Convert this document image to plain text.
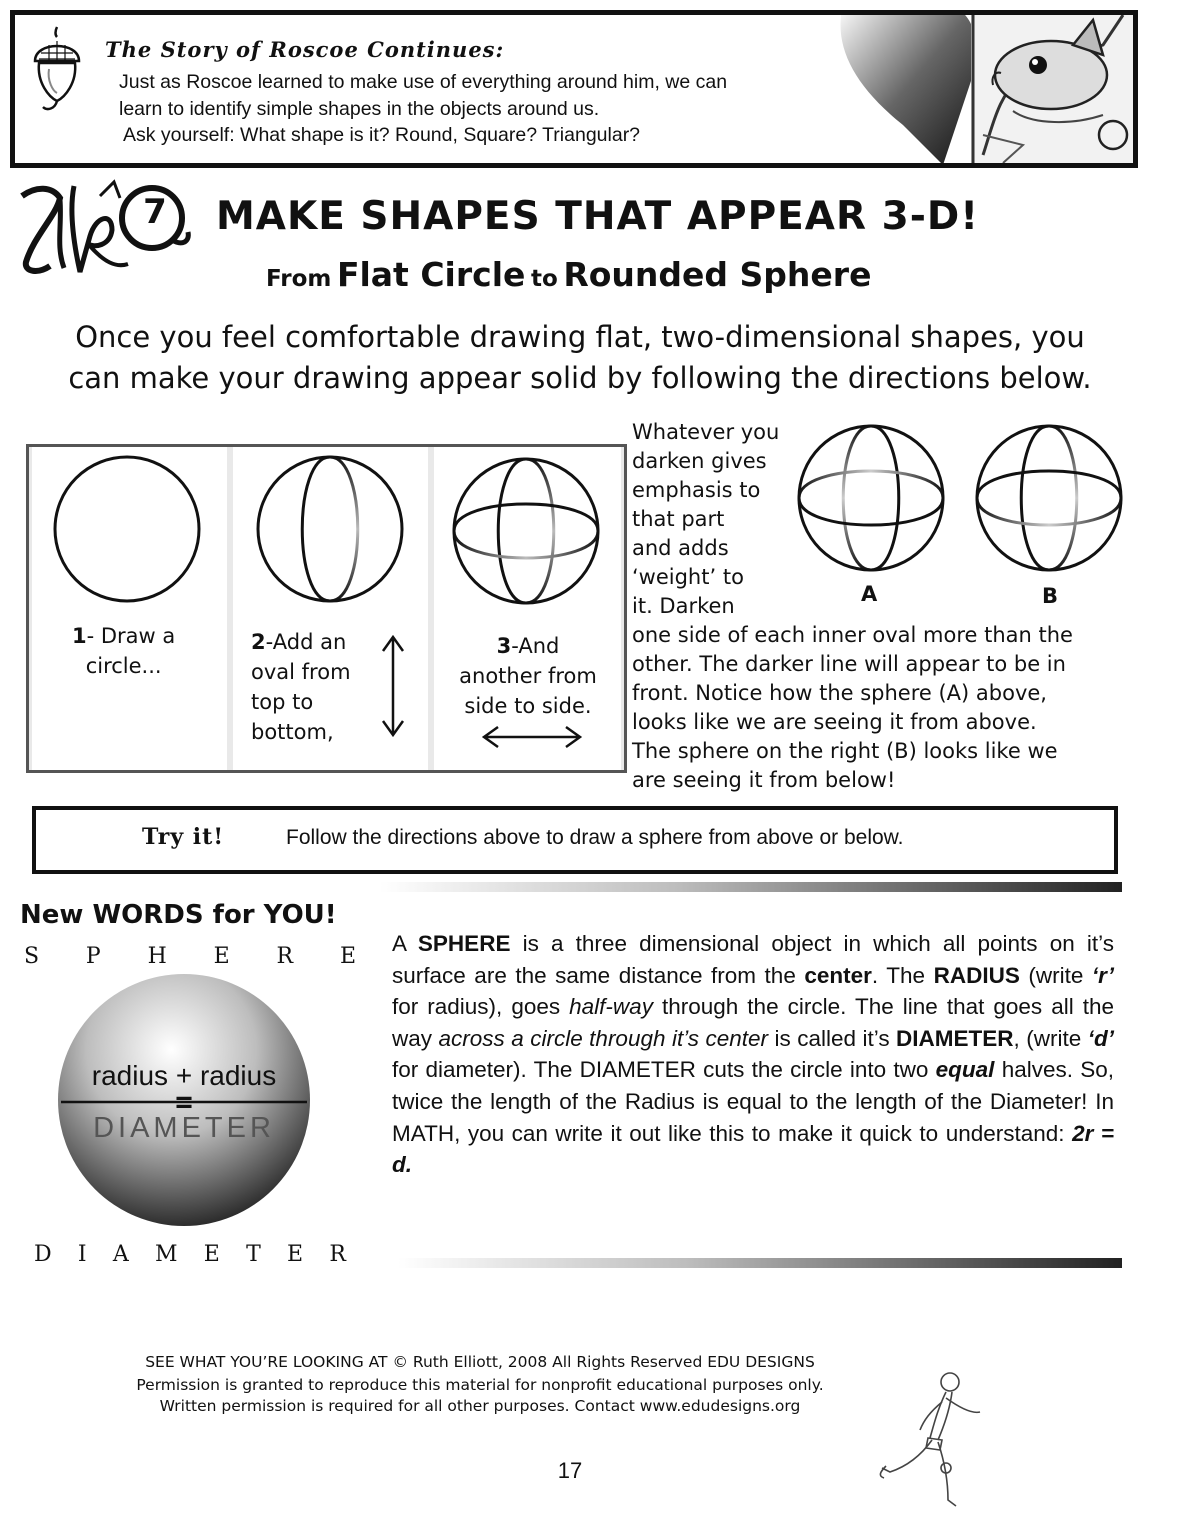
The Story of Roscoe Continues:
Just as Roscoe learned to make use of everything around him, we can
learn to identify simple shapes in the objects around us.
Ask yourself: What shape is it? Round, Square? Triangular?
7 MAKE SHAPES THAT APPEAR 3-D!
From Flat Circle to Rounded Sphere
Once you feel comfortable drawing flat, two-dimensional shapes, you
can make your drawing appear solid by following the directions below.
1- Draw a
circle...
2-Add an
oval from
top to
bottom,
3-And
another from
side to side.
Whatever you
darken gives
emphasis to
that part
and adds
‘weight’ to
it. Darken
one side of each inner oval more than the
other. The darker line will appear to be in
front. Notice how the sphere (A) above,
looks like we are seeing it from above.
The sphere on the right (B) looks like we
are seeing it from below!
A	B
Try it!	Follow the directions above to draw a sphere from above or below.
New WORDS for YOU!
S P H E R E
radius + radius
=
DIAMETER
D I A M E T E R

A SPHERE is a three dimensional object in which all points on it’s surface are the same distance from the center. The RADIUS (write ‘r’ for radius), goes half-way through the circle. The line that goes all the way across a circle through it’s center is called it’s DIAMETER, (write ‘d’ for diameter). The DIAMETER cuts the circle into two equal halves. So, twice the length of the Radius is equal to the length of the Diameter! In MATH, you can write it out like this to make it quick to understand: 2r = d.

SEE WHAT YOU’RE LOOKING AT © Ruth Elliott, 2008 All Rights Reserved EDU DESIGNS
Permission is granted to reproduce this material for nonprofit educational purposes only.
Written permission is required for all other purposes. Contact www.edudesigns.org
17
